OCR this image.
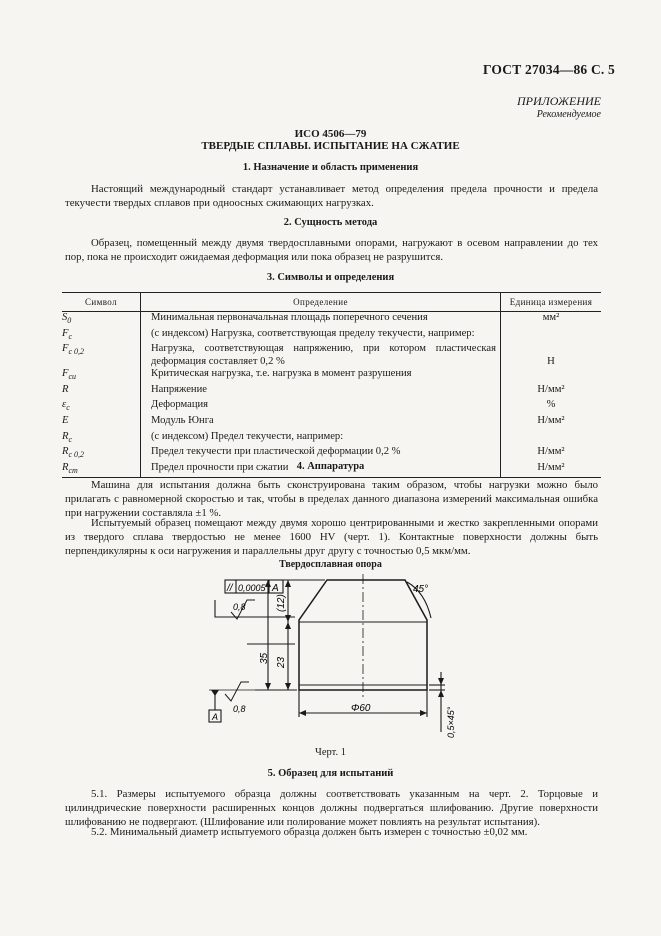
ГОСТ 27034—86 С. 5
ПРИЛОЖЕНИЕ
Рекомендуемое
ИСО 4506—79
ТВЕРДЫЕ СПЛАВЫ. ИСПЫТАНИЕ НА СЖАТИЕ
1. Назначение и область применения

Настоящий международный стандарт устанавливает метод определения предела прочности и предела текучести твердых сплавов при одноосных сжимающих нагрузках.

2. Сущность метода

Образец, помещенный между двумя твердосплавными опорами, нагружают в осевом направлении до тех пор, пока не происходит ожидаемая деформация или пока образец не разрушится.

3. Символы и определения
Символ	Определение	Единица измерения
$S_0$	Минимальная первоначальная площадь поперечного сечения	мм²
$F_c$	(с индексом) Нагрузка, соответствующая пределу текучести, например:	
$F_{c 0,2}$	Нагрузка, соответствующая напряжению, при котором пластическая деформация составляет 0,2 %	Н
$F_{cu}$	Критическая нагрузка, т.е. нагрузка в момент разрушения	
R	Напряжение	Н/мм²
$\varepsilon_c$	Деформация	%
E	Модуль Юнга	Н/мм²
$R_c$	(с индексом) Предел текучести, например:	
$R_{c 0,2}$	Предел текучести при пластической деформации 0,2 %	Н/мм²
$R_{cm}$	Предел прочности при сжатии	Н/мм²
4. Аппаратура

Машина для испытания должна быть сконструирована таким образом, чтобы нагрузки можно было прилагать с равномерной скоростью и так, чтобы в пределах данного диапазона измерений максимальная ошибка при нагружении составляла ±1 %.

Испытуемый образец помещают между двумя хорошо центрированными и жестко закрепленными опорами из твердого сплава твердостью не менее 1600 HV (черт. 1). Контактные поверхности должны быть перпендикулярны к оси нагружения и параллельны друг другу с точностью 0,5 мкм/мм.

Твердосплавная опора
// 0,0005 A
0,8
0,8
A
45°
35
(12)
23
Φ60	0,5×45°
Черт. 1
5. Образец для испытаний

5.1. Размеры испытуемого образца должны соответствовать указанным на черт. 2. Торцовые и цилиндрические поверхности расширенных концов должны подвергаться шлифованию. Другие поверхности шлифованию не подвергают. (Шлифование или полирование может повлиять на результат испытания).

5.2. Минимальный диаметр испытуемого образца должен быть измерен с точностью ±0,02 мм.
